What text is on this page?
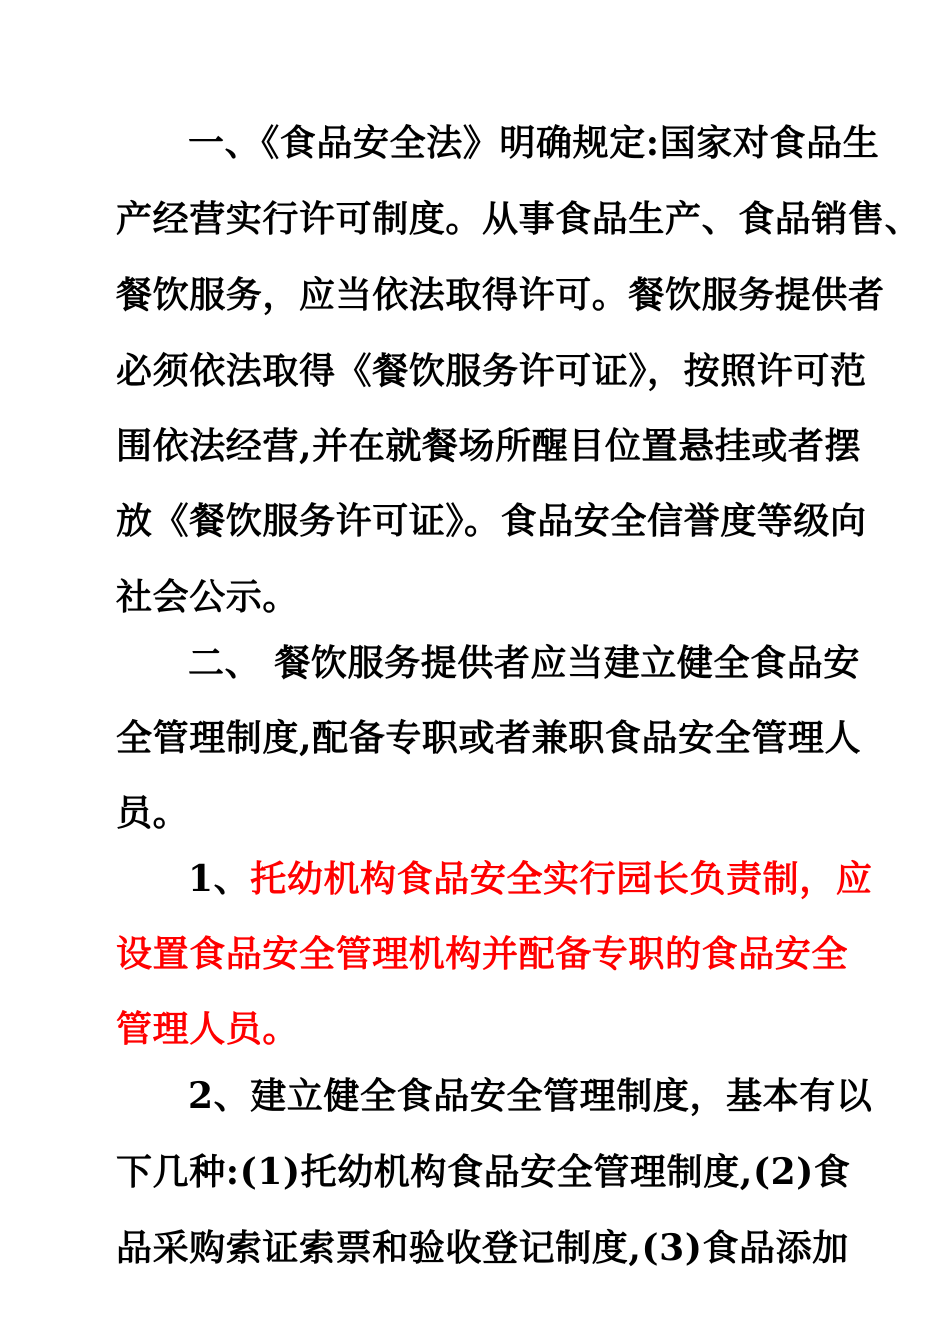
一、《食品安全法》明确规定:国家对食品生
产经营实行许可制度。从事食品生产、食品销售、
餐饮服务，应当依法取得许可。餐饮服务提供者
必须依法取得《餐饮服务许可证》，按照许可范
围依法经营,并在就餐场所醒目位置悬挂或者摆
放《餐饮服务许可证》。食品安全信誉度等级向
社会公示。
二、 餐饮服务提供者应当建立健全食品安
全管理制度,配备专职或者兼职食品安全管理人
员。
1、托幼机构食品安全实行园长负责制，应
设置食品安全管理机构并配备专职的食品安全
管理人员。
2、建立健全食品安全管理制度，基本有以
下几种:(1)托幼机构食品安全管理制度,(2)食
品采购索证索票和验收登记制度,(3)食品添加
